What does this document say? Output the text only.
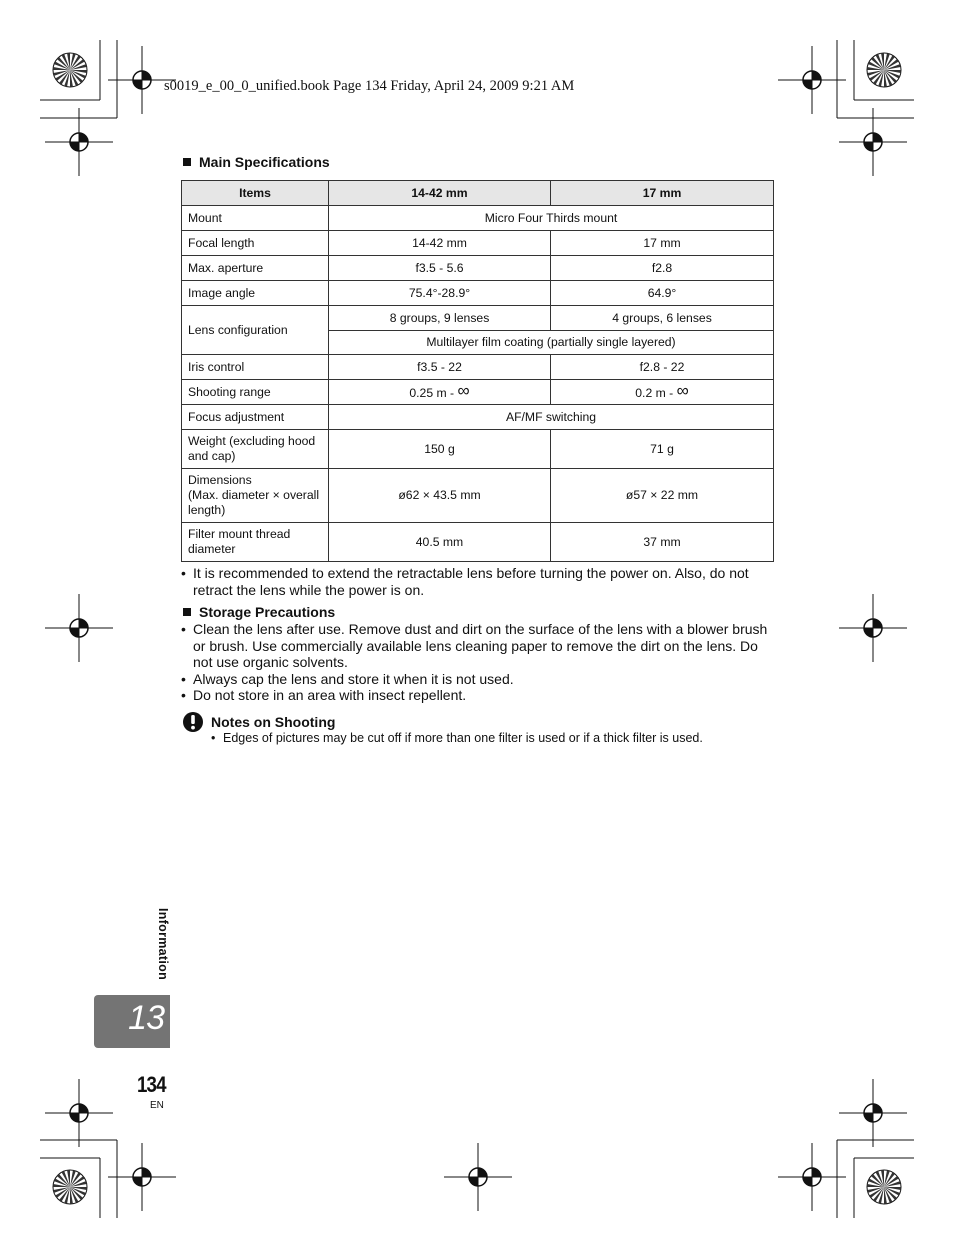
s0019_e_00_0_unified.book Page 134 Friday, April 24, 2009 9:21 AM
Main Specifications
Items	14-42 mm	17 mm
Mount	Micro Four Thirds mount	
Focal length	14-42 mm	17 mm
Max. aperture	f3.5 - 5.6	f2.8
Image angle	75.4°-28.9°	64.9°
Lens configuration	8 groups, 9 lenses	4 groups, 6 lenses
	Multilayer film coating (partially single layered)	
Iris control	f3.5 - 22	f2.8 - 22
Shooting range	0.25 m - ∞	0.2 m - ∞
Focus adjustment	AF/MF switching	
Weight (excluding hood and cap)	150 g	71 g

Dimensions
(Max. diameter × overall length)	ø62 × 43.5 mm	ø57 × 22 mm
Filter mount thread diameter	40.5 mm	37 mm
• It is recommended to extend the retractable lens before turning the power on. Also, do not retract the lens while the power is on.
Storage Precautions
• Clean the lens after use. Remove dust and dirt on the surface of the lens with a blower brush or brush. Use commercially available lens cleaning paper to remove the dirt on the lens. Do not use organic solvents.
• Always cap the lens and store it when it is not used.
• Do not store in an area with insect repellent.
Notes on Shooting
• Edges of pictures may be cut off if more than one filter is used or if a thick filter is used.
Information
13
134
EN
